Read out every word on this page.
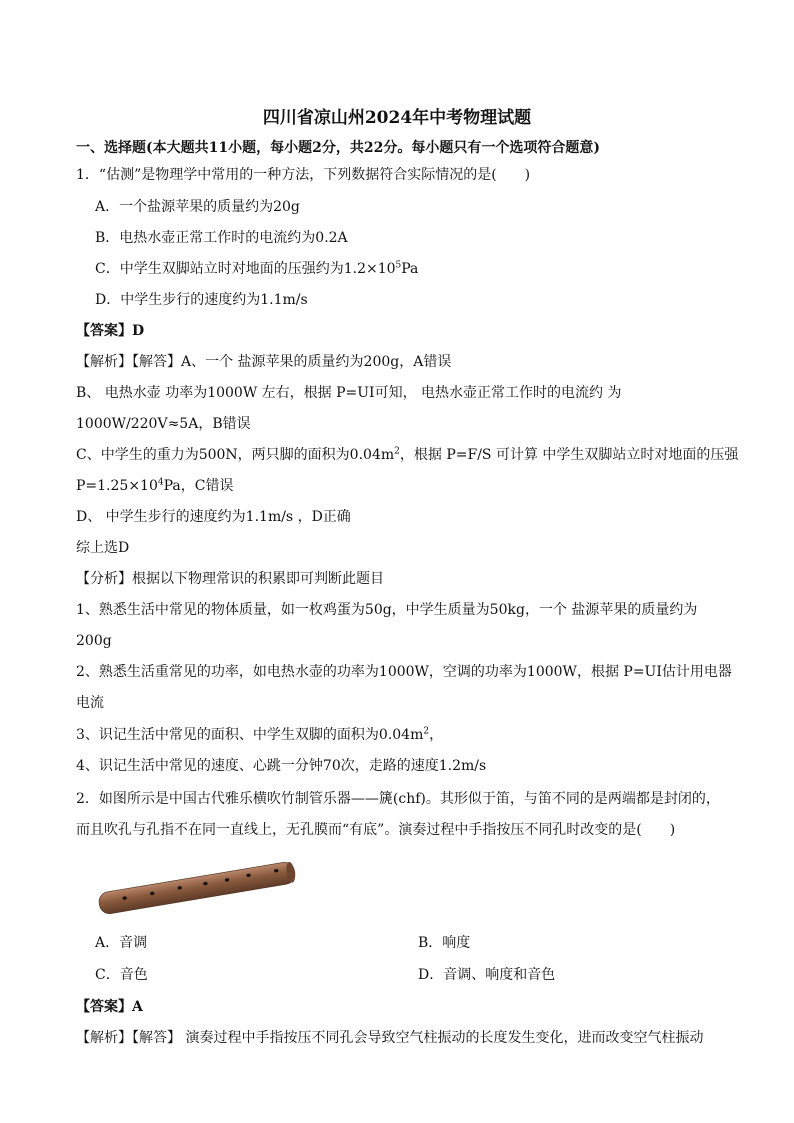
四川省凉山州2024年中考物理试题
一、选择题(本大题共11小题，每小题2分，共22分。每小题只有一个选项符合题意)
1．“估测”是物理学中常用的一种方法，下列数据符合实际情况的是(　　)
A．一个盐源苹果的质量约为20g
B．电热水壶正常工作时的电流约为0.2A
C．中学生双脚站立时对地面的压强约为$1.2\times 10^5Pa$
D．中学生步行的速度约为1.1m/s
【答案】D
【解析】【解答】A、一个 盐源苹果的质量约为200g，A错误
B、 电热水壶 功率为1000W 左右，根据 P=UI可知， 电热水壶正常工作时的电流约 为
1000W/220V≈5A，B错误
C、中学生的重力为500N，两只脚的面积为$0.04m^2$，根据 P=F/S 可计算 中学生双脚站立时对地面的压强
$P=1.25\times 10^4Pa$，C错误
D、 中学生步行的速度约为1.1m/s ，D正确
综上选D
【分析】根据以下物理常识的积累即可判断此题目
1、熟悉生活中常见的物体质量，如一枚鸡蛋为50g，中学生质量为50kg，一个 盐源苹果的质量约为
200g
2、熟悉生活重常见的功率，如电热水壶的功率为1000W，空调的功率为1000W，根据 P=UI估计用电器
电流
3、识记生活中常见的面积、中学生双脚的面积为$0.04m^2$，
4、识记生活中常见的速度、心跳一分钟70次，走路的速度1.2m/s
2．如图所示是中国古代雅乐横吹竹制管乐器——篪(chf)。其形似于笛，与笛不同的是两端都是封闭的，
而且吹孔与孔指不在同一直线上，无孔膜而“有底”。演奏过程中手指按压不同孔时改变的是(　　)
A．音调	B．响度
C．音色	D．音调、响度和音色
【答案】A
【解析】【解答】 演奏过程中手指按压不同孔会导致空气柱振动的长度发生变化，进而改变空气柱振动
